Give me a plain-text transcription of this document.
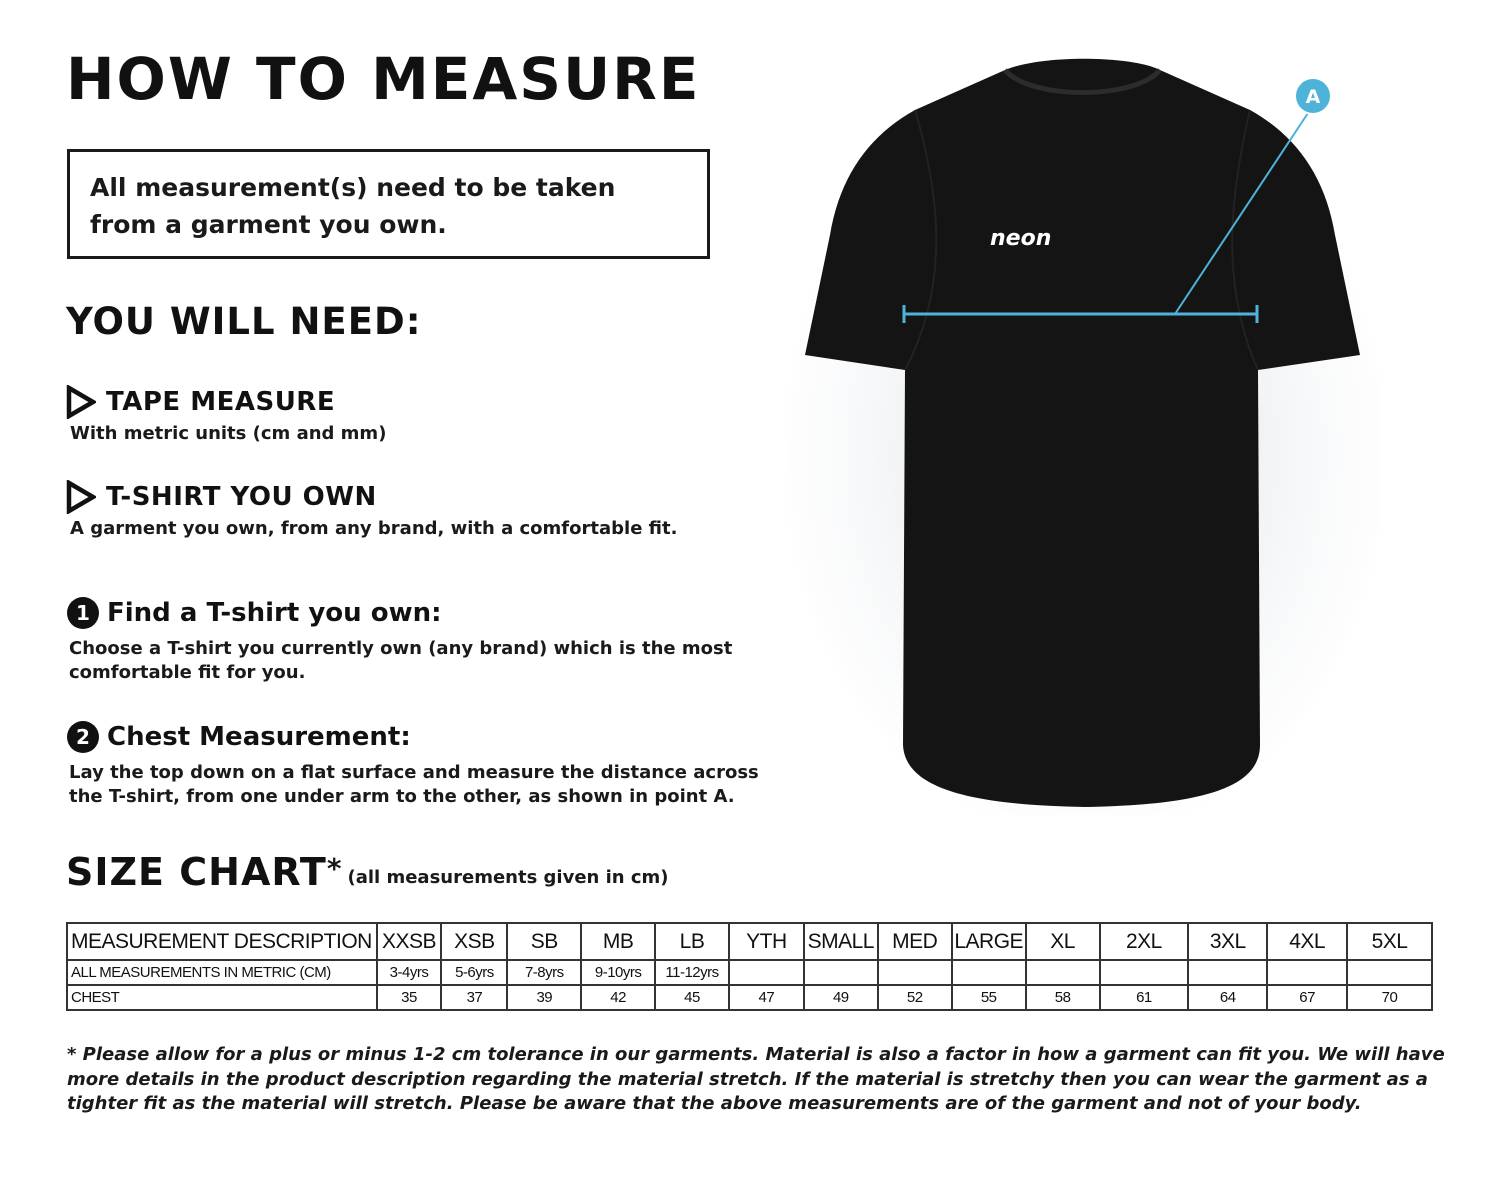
HOW TO MEASURE
All measurement(s) need to be taken from a garment you own.
YOU WILL NEED:
TAPE MEASURE
With metric units (cm and mm)
T-SHIRT YOU OWN
A garment you own, from any brand, with a comfortable fit.
1 Find a T-shirt you own:
Choose a T-shirt you currently own (any brand) which is the most comfortable fit for you.
2 Chest Measurement:
Lay the top down on a flat surface and measure the distance across the T-shirt, from one under arm to the other, as shown in point A.
neon
A
SIZE CHART * (all measurements given in cm)
MEASUREMENT DESCRIPTION	XXSB	XSB	SB	MB	LB	YTH	SMALL	MED	LARGE	XL	2XL	3XL	4XL	5XL
ALL MEASUREMENTS IN METRIC (CM)	3-4yrs	5-6yrs	7-8yrs	9-10yrs	11-12yrs									
CHEST	35	37	39	42	45	47	49	52	55	58	61	64	67	70
* Please allow for a plus or minus 1-2 cm tolerance in our garments. Material is also a factor in how a garment can fit you. We will have more details in the product description regarding the material stretch. If the material is stretchy then you can wear the garment as a tighter fit as the material will stretch. Please be aware that the above measurements are of the garment and not of your body.
